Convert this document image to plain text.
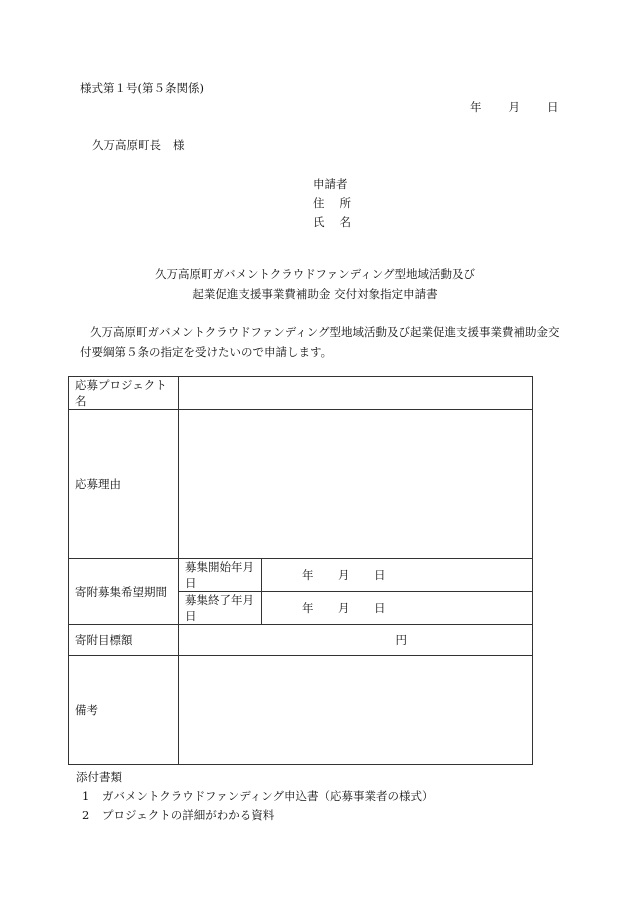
様式第１号(第５条関係)
年 月 日
久万高原町長 様
申請者
住 所
氏 名
久万高原町ガバメントクラウドファンディング型地域活動及び
起業促進支援事業費補助金 交付対象指定申請書
久万高原町ガバメントクラウドファンディング型地域活動及び起業促進支援事業費補助金交付要綱第５条の指定を受けたいので申請します。
応募プロジェクト名		
応募理由		
寄附募集希望期間	募集開始年月日	年 月 日

	募集終了年月日	年 月 日

寄附目標額	円	
備考		
添付書類
1 ガバメントクラウドファンディング申込書（応募事業者の様式）
2 プロジェクトの詳細がわかる資料
